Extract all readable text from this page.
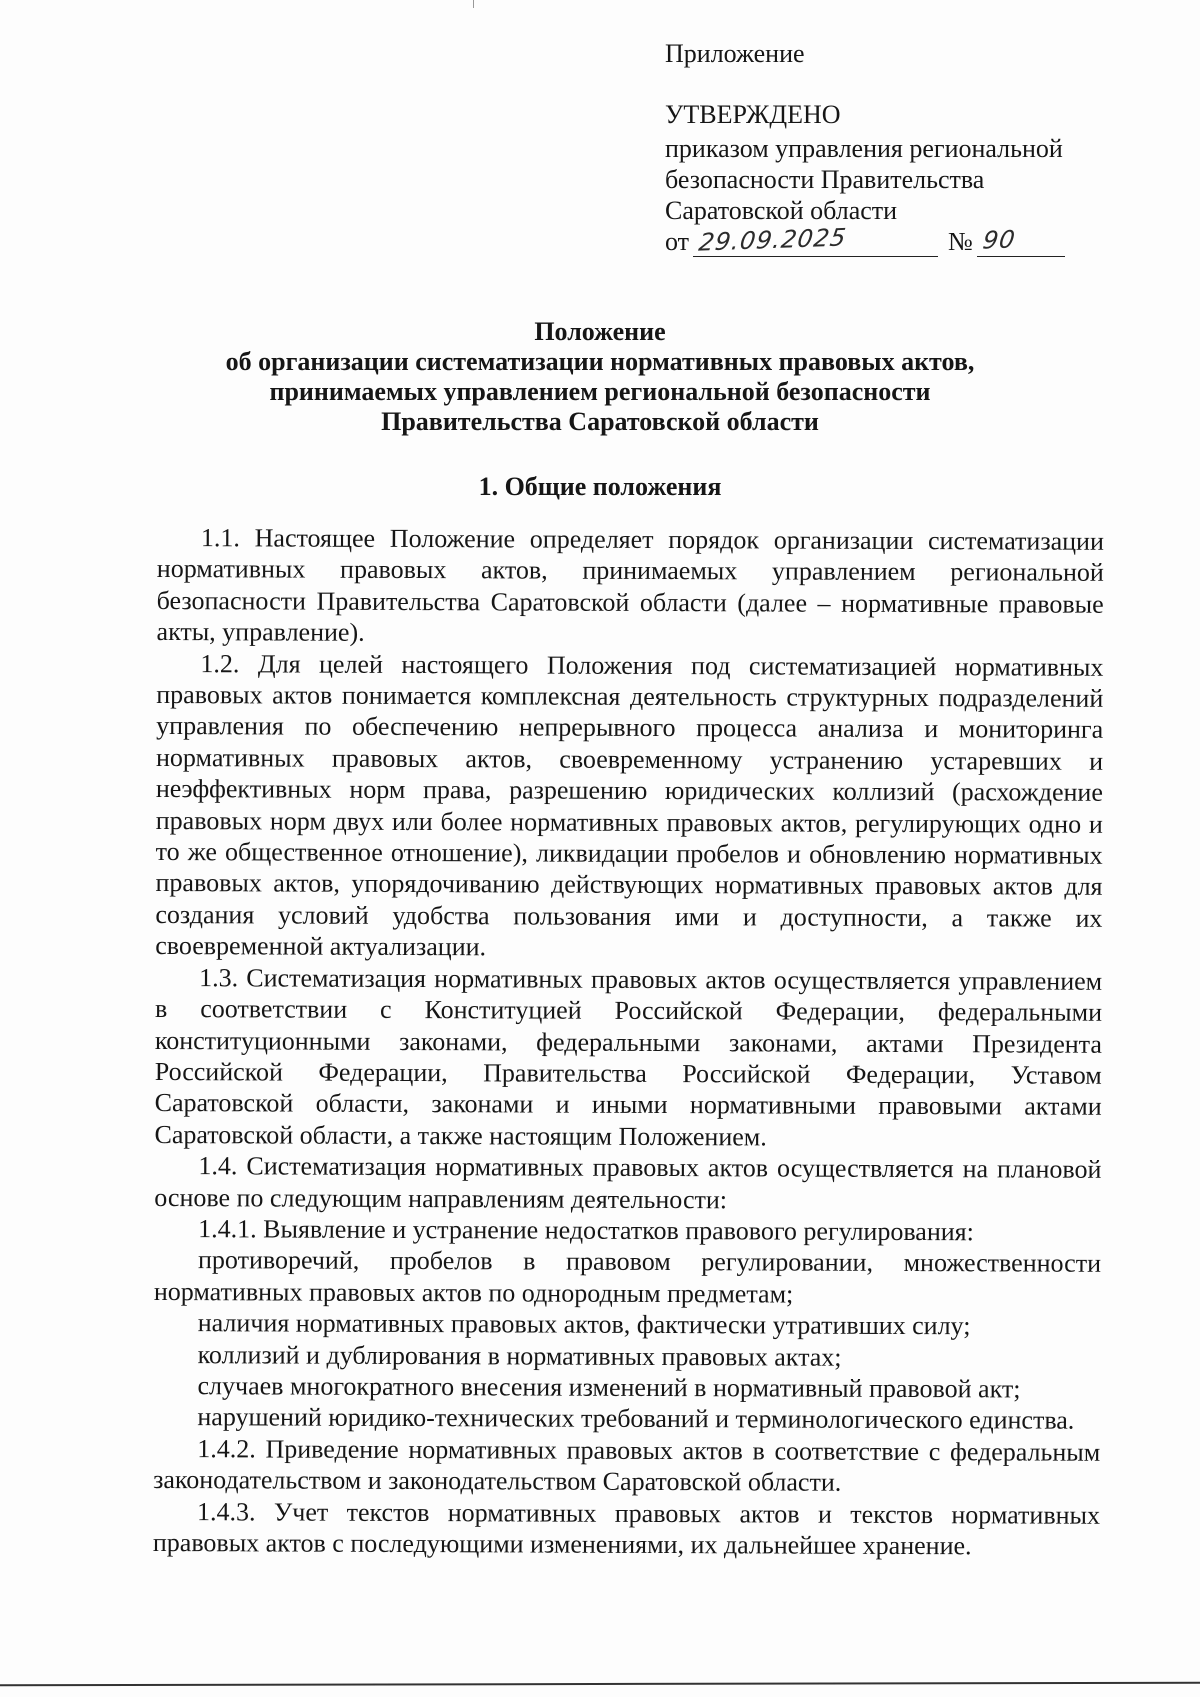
Приложение

УТВЕРЖДЕНО

приказом управления региональной

безопасности Правительства

Саратовской области

от 29.09.2025	№ 90

Положение
об организации систематизации нормативных правовых актов,
принимаемых управлением региональной безопасности
Правительства Саратовской области
1. Общие положения

1.1. Настоящее Положение определяет порядок организации систематизации нормативных правовых актов, принимаемых управлением региональной безопасности Правительства Саратовской области (далее – нормативные правовые акты, управление).

1.2. Для целей настоящего Положения под систематизацией нормативных правовых актов понимается комплексная деятельность структурных подразделений управления по обеспечению непрерывного процесса анализа и мониторинга нормативных правовых актов, своевременному устранению устаревших и неэффективных норм права, разрешению юридических коллизий (расхождение правовых норм двух или более нормативных правовых актов, регулирующих одно и то же общественное отношение), ликвидации пробелов и обновлению нормативных правовых актов, упорядочиванию действующих нормативных правовых актов для создания условий удобства пользования ими и доступности, а также их своевременной актуализации.

1.3. Систематизация нормативных правовых актов осуществляется управлением в соответствии с Конституцией Российской Федерации, федеральными конституционными законами, федеральными законами, актами Президента Российской Федерации, Правительства Российской Федерации, Уставом Саратовской области, законами и иными нормативными правовыми актами Саратовской области, а также настоящим Положением.

1.4. Систематизация нормативных правовых актов осуществляется на плановой основе по следующим направлениям деятельности:

1.4.1. Выявление и устранение недостатков правового регулирования:

противоречий, пробелов в правовом регулировании, множественности нормативных правовых актов по однородным предметам;

наличия нормативных правовых актов, фактически утративших силу;

коллизий и дублирования в нормативных правовых актах;

случаев многократного внесения изменений в нормативный правовой акт;

нарушений юридико-технических требований и терминологического единства.

1.4.2. Приведение нормативных правовых актов в соответствие с федеральным законодательством и законодательством Саратовской области.

1.4.3. Учет текстов нормативных правовых актов и текстов нормативных правовых актов с последующими изменениями, их дальнейшее хранение.
